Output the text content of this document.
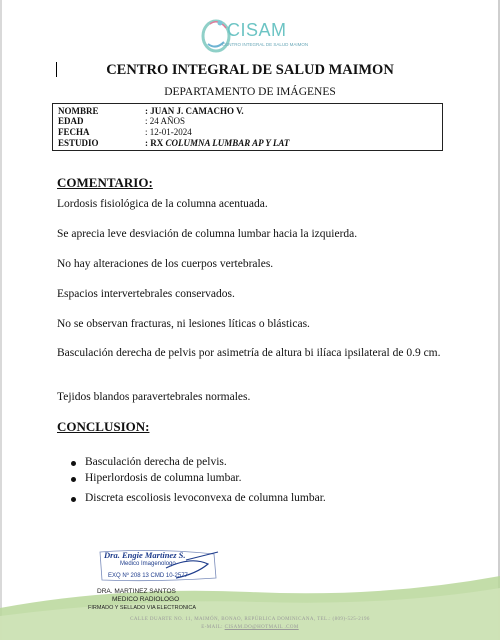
CISAM
CENTRO INTEGRAL DE SALUD MAIMON
CENTRO INTEGRAL DE SALUD MAIMON
DEPARTAMENTO DE IMÁGENES
NOMBRE	: JUAN J. CAMACHO V.
EDAD	: 24 AÑOS
FECHA	: 12-01-2024
ESTUDIO	: RX COLUMNA LUMBAR AP Y LAT
COMENTARIO:
Lordosis fisiológica de la columna acentuada.
Se aprecia leve desviación de columna lumbar hacia la izquierda.
No hay alteraciones de los cuerpos vertebrales.
Espacios intervertebrales conservados.
No se observan fracturas, ni lesiones líticas o blásticas.
Basculación derecha de pelvis por asimetría de altura bi ilíaca ipsilateral de 0.9 cm.
Tejidos blandos paravertebrales normales.
CONCLUSION:
Basculación derecha de pelvis.
Hiperlordosis de columna lumbar.
Discreta escoliosis levoconvexa de columna lumbar.
Dra. Engie Martinez S.
Medico Imagenologo
EXQ Nº 208 13 CMD 10-2577
DRA. MARTINEZ SANTOS
MEDICO RADIOLOGO
FIRMADO Y SELLADO VIA ELECTRONICA
CALLE DUARTE NO. 11, MAIMÓN, BONAO, REPÚBLICA DOMINICANA, TEL.: (809)-525-2196
E-MAIL: CISAM.DO@HOTMAIL .COM
